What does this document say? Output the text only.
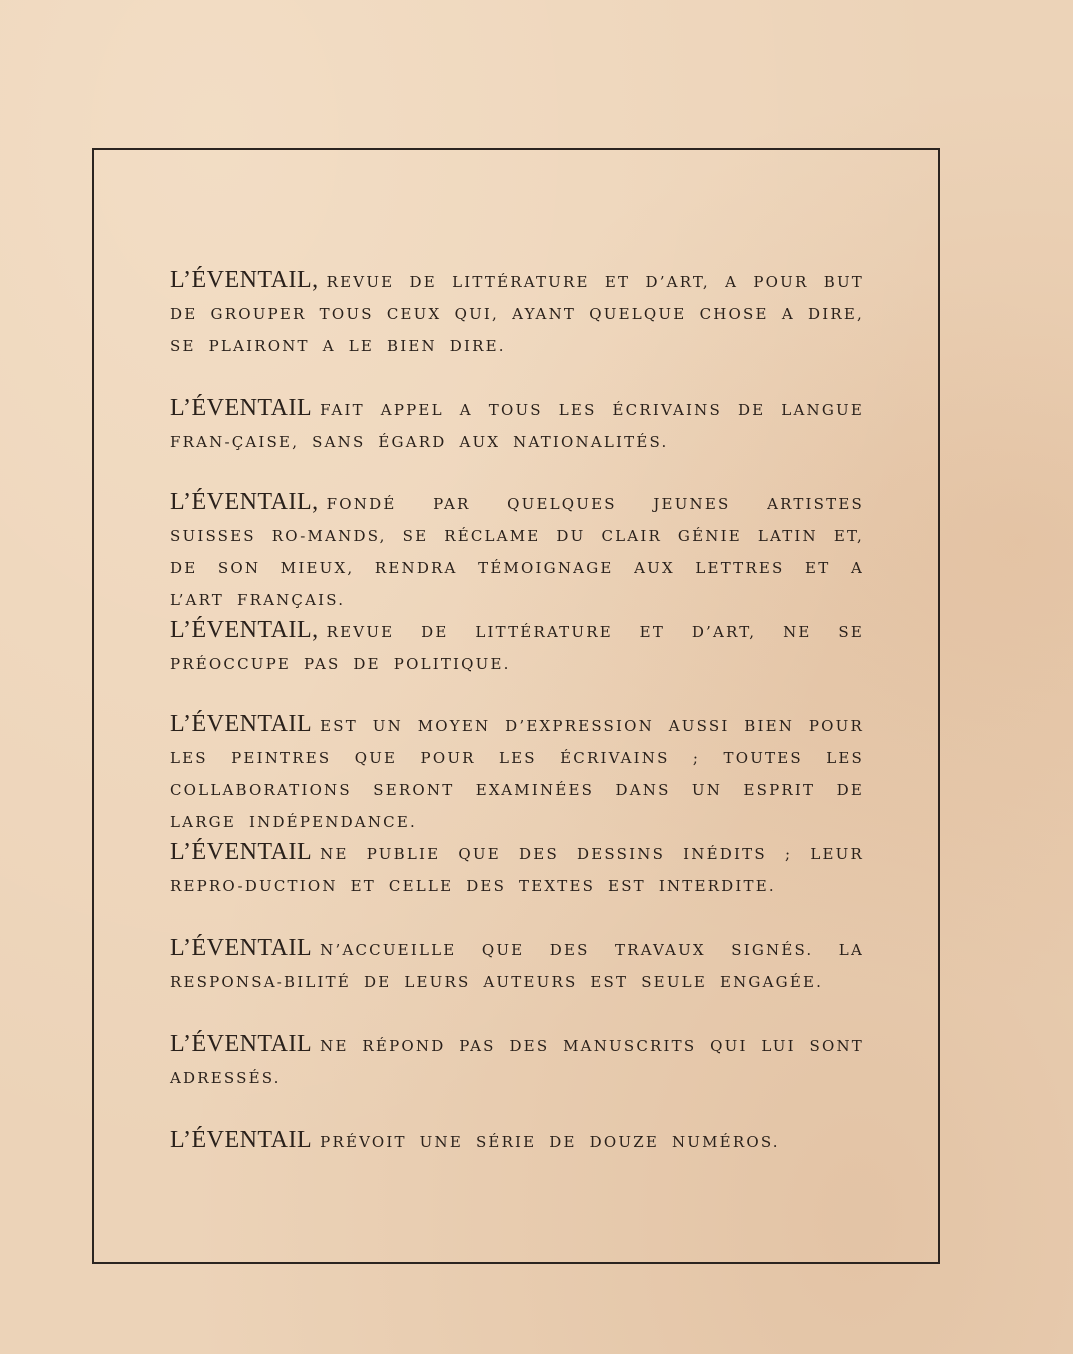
L’ÉVENTAIL, REVUE DE LITTÉRATURE ET D’ART, A POUR BUT DE GROUPER TOUS CEUX QUI, AYANT QUELQUE CHOSE A DIRE, SE PLAIRONT A LE BIEN DIRE.

L’ÉVENTAIL FAIT APPEL A TOUS LES ÉCRIVAINS DE LANGUE FRAN-ÇAISE, SANS ÉGARD AUX NATIONALITÉS.

L’ÉVENTAIL, FONDÉ PAR QUELQUES JEUNES ARTISTES SUISSES RO-MANDS, SE RÉCLAME DU CLAIR GÉNIE LATIN ET, DE SON MIEUX, RENDRA TÉMOIGNAGE AUX LETTRES ET A L’ART FRANÇAIS.

L’ÉVENTAIL, REVUE DE LITTÉRATURE ET D’ART, NE SE PRÉOCCUPE PAS DE POLITIQUE.

L’ÉVENTAIL EST UN MOYEN D’EXPRESSION AUSSI BIEN POUR LES PEINTRES QUE POUR LES ÉCRIVAINS ; TOUTES LES COLLABORATIONS SERONT EXAMINÉES DANS UN ESPRIT DE LARGE INDÉPENDANCE.

L’ÉVENTAIL NE PUBLIE QUE DES DESSINS INÉDITS ; LEUR REPRO-DUCTION ET CELLE DES TEXTES EST INTERDITE.

L’ÉVENTAIL N’ACCUEILLE QUE DES TRAVAUX SIGNÉS. LA RESPONSA-BILITÉ DE LEURS AUTEURS EST SEULE ENGAGÉE.

L’ÉVENTAIL NE RÉPOND PAS DES MANUSCRITS QUI LUI SONT ADRESSÉS.

L’ÉVENTAIL PRÉVOIT UNE SÉRIE DE DOUZE NUMÉROS.
